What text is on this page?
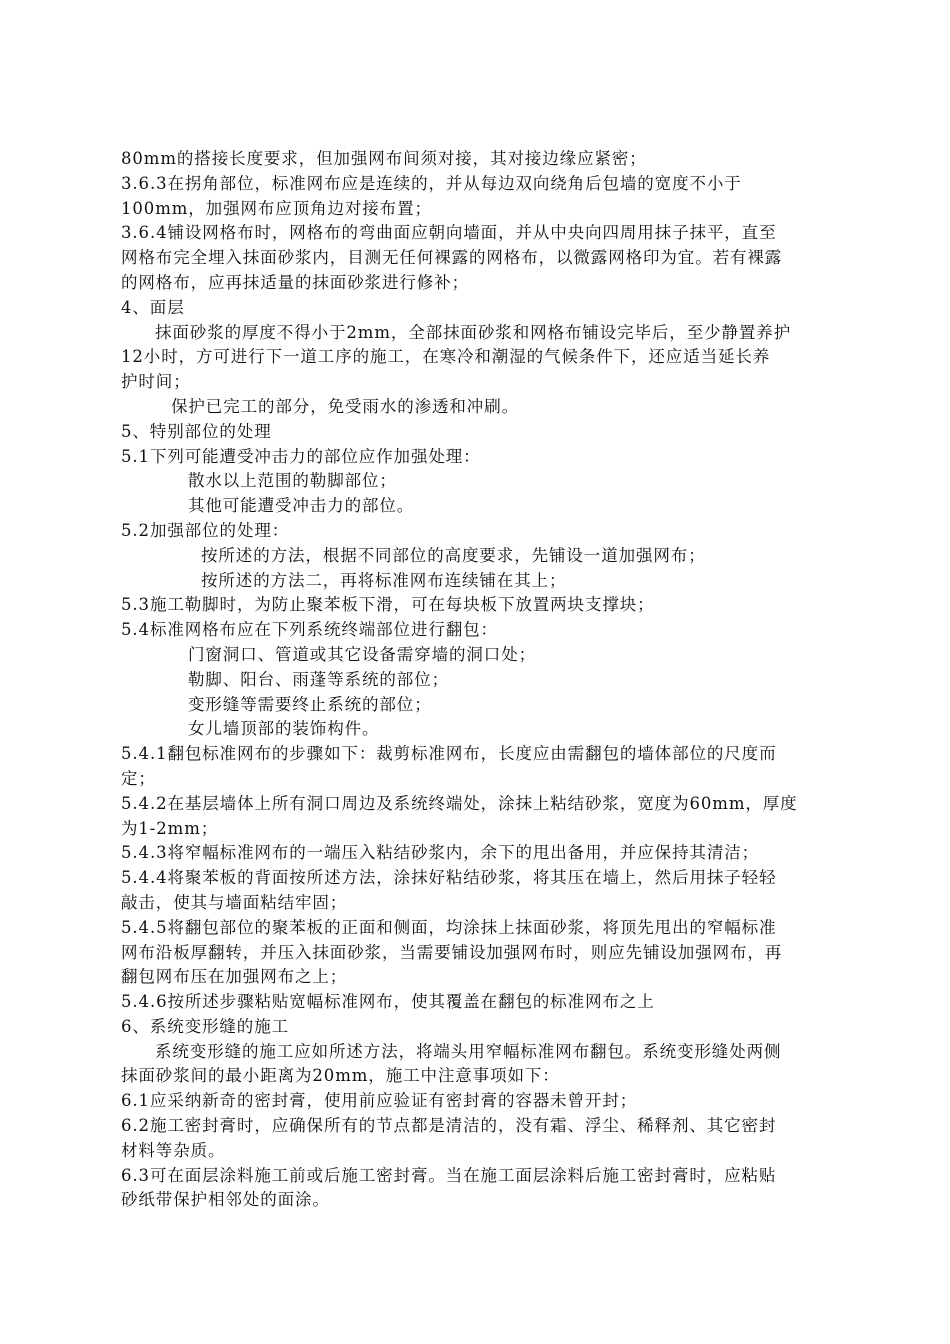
80mm的搭接长度要求，但加强网布间须对接，其对接边缘应紧密；
3.6.3在拐角部位，标准网布应是连续的，并从每边双向绕角后包墙的宽度不小于
100mm，加强网布应顶角边对接布置；
3.6.4铺设网格布时，网格布的弯曲面应朝向墙面，并从中央向四周用抹子抹平，直至
网格布完全埋入抹面砂浆内，目测无任何裸露的网格布，以微露网格印为宜。若有裸露
的网格布，应再抹适量的抹面砂浆进行修补；
4、面层
抹面砂浆的厚度不得小于2mm，全部抹面砂浆和网格布铺设完毕后，至少静置养护
12小时，方可进行下一道工序的施工，在寒冷和潮湿的气候条件下，还应适当延长养
护时间；
保护已完工的部分，免受雨水的渗透和冲刷。
5、特别部位的处理
5.1下列可能遭受冲击力的部位应作加强处理：
散水以上范围的勒脚部位；
其他可能遭受冲击力的部位。
5.2加强部位的处理：
按所述的方法，根据不同部位的高度要求，先铺设一道加强网布；
按所述的方法二，再将标准网布连续铺在其上；
5.3施工勒脚时，为防止聚苯板下滑，可在每块板下放置两块支撑块；
5.4标准网格布应在下列系统终端部位进行翻包：
门窗洞口、管道或其它设备需穿墙的洞口处；
勒脚、阳台、雨蓬等系统的部位；
变形缝等需要终止系统的部位；
女儿墙顶部的装饰构件。
5.4.1翻包标准网布的步骤如下：裁剪标准网布，长度应由需翻包的墙体部位的尺度而
定；
5.4.2在基层墙体上所有洞口周边及系统终端处，涂抹上粘结砂浆，宽度为60mm，厚度
为1-2mm；
5.4.3将窄幅标准网布的一端压入粘结砂浆内，余下的甩出备用，并应保持其清洁；
5.4.4将聚苯板的背面按所述方法，涂抹好粘结砂浆，将其压在墙上，然后用抹子轻轻
敲击，使其与墙面粘结牢固；
5.4.5将翻包部位的聚苯板的正面和侧面，均涂抹上抹面砂浆，将顶先甩出的窄幅标准
网布沿板厚翻转，并压入抹面砂浆，当需要铺设加强网布时，则应先铺设加强网布，再
翻包网布压在加强网布之上；
5.4.6按所述步骤粘贴宽幅标准网布，使其覆盖在翻包的标准网布之上
6、系统变形缝的施工
系统变形缝的施工应如所述方法，将端头用窄幅标准网布翻包。系统变形缝处两侧
抹面砂浆间的最小距离为20mm，施工中注意事项如下：
6.1应采纳新奇的密封膏，使用前应验证有密封膏的容器未曾开封；
6.2施工密封膏时，应确保所有的节点都是清洁的，没有霜、浮尘、稀释剂、其它密封
材料等杂质。
6.3可在面层涂料施工前或后施工密封膏。当在施工面层涂料后施工密封膏时，应粘贴
砂纸带保护相邻处的面涂。
